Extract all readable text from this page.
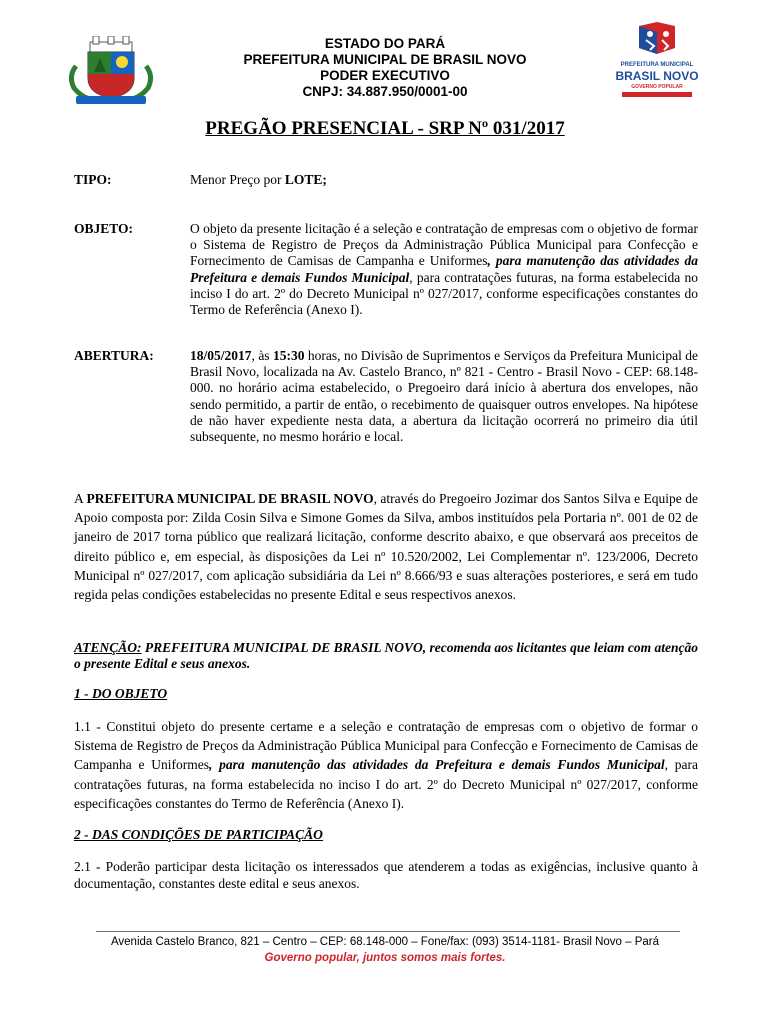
PREFEITURA MUNICIPAL
BRASIL NOVO
GOVERNO POPULAR
ESTADO DO PARÁ
PREFEITURA MUNICIPAL DE BRASIL NOVO
PODER EXECUTIVO
CNPJ: 34.887.950/0001-00
PREGÃO PRESENCIAL - SRP Nº 031/2017
TIPO:	Menor Preço por LOTE;
OBJETO:	O objeto da presente licitação é a seleção e contratação de empresas com o objetivo de formar o Sistema de Registro de Preços da Administração Pública Municipal para Confecção e Fornecimento de Camisas de Campanha e Uniformes, para manutenção das atividades da Prefeitura e demais Fundos Municipal, para contratações futuras, na forma estabelecida no inciso I do art. 2º do Decreto Municipal nº 027/2017, conforme especificações constantes do Termo de Referência (Anexo I).
ABERTURA:	18/05/2017, às 15:30 horas, no Divisão de Suprimentos e Serviços da Prefeitura Municipal de Brasil Novo, localizada na Av. Castelo Branco, nº 821 - Centro - Brasil Novo - CEP: 68.148-000. no horário acima estabelecido, o Pregoeiro dará início à abertura dos envelopes, não sendo permitido, a partir de então, o recebimento de quaisquer outros envelopes. Na hipótese de não haver expediente nesta data, a abertura da licitação ocorrerá no primeiro dia útil subsequente, no mesmo horário e local.
A PREFEITURA MUNICIPAL DE BRASIL NOVO, através do Pregoeiro Jozimar dos Santos Silva e Equipe de Apoio composta por: Zilda Cosin Silva e Simone Gomes da Silva, ambos instituídos pela Portaria nº. 001 de 02 de janeiro de 2017 torna público que realizará licitação, conforme descrito abaixo, e que observará aos preceitos de direito público e, em especial, às disposições da Lei nº 10.520/2002, Lei Complementar nº. 123/2006, Decreto Municipal nº 027/2017, com aplicação subsidiária da Lei nº 8.666/93 e suas alterações posteriores, e será em tudo regida pelas condições estabelecidas no presente Edital e seus respectivos anexos.
ATENÇÃO: PREFEITURA MUNICIPAL DE BRASIL NOVO, recomenda aos licitantes que leiam com atenção o presente Edital e seus anexos.
1 - DO OBJETO
1.1 - Constitui objeto do presente certame e a seleção e contratação de empresas com o objetivo de formar o Sistema de Registro de Preços da Administração Pública Municipal para Confecção e Fornecimento de Camisas de Campanha e Uniformes, para manutenção das atividades da Prefeitura e demais Fundos Municipal, para contratações futuras, na forma estabelecida no inciso I do art. 2º do Decreto Municipal nº 027/2017, conforme especificações constantes do Termo de Referência (Anexo I).
2 - DAS CONDIÇÕES DE PARTICIPAÇÃO
2.1 - Poderão participar desta licitação os interessados que atenderem a todas as exigências, inclusive quanto à documentação, constantes deste edital e seus anexos.
Avenida Castelo Branco, 821 – Centro – CEP: 68.148-000 – Fone/fax: (093) 3514-1181- Brasil Novo – Pará
Governo popular, juntos somos mais fortes.
